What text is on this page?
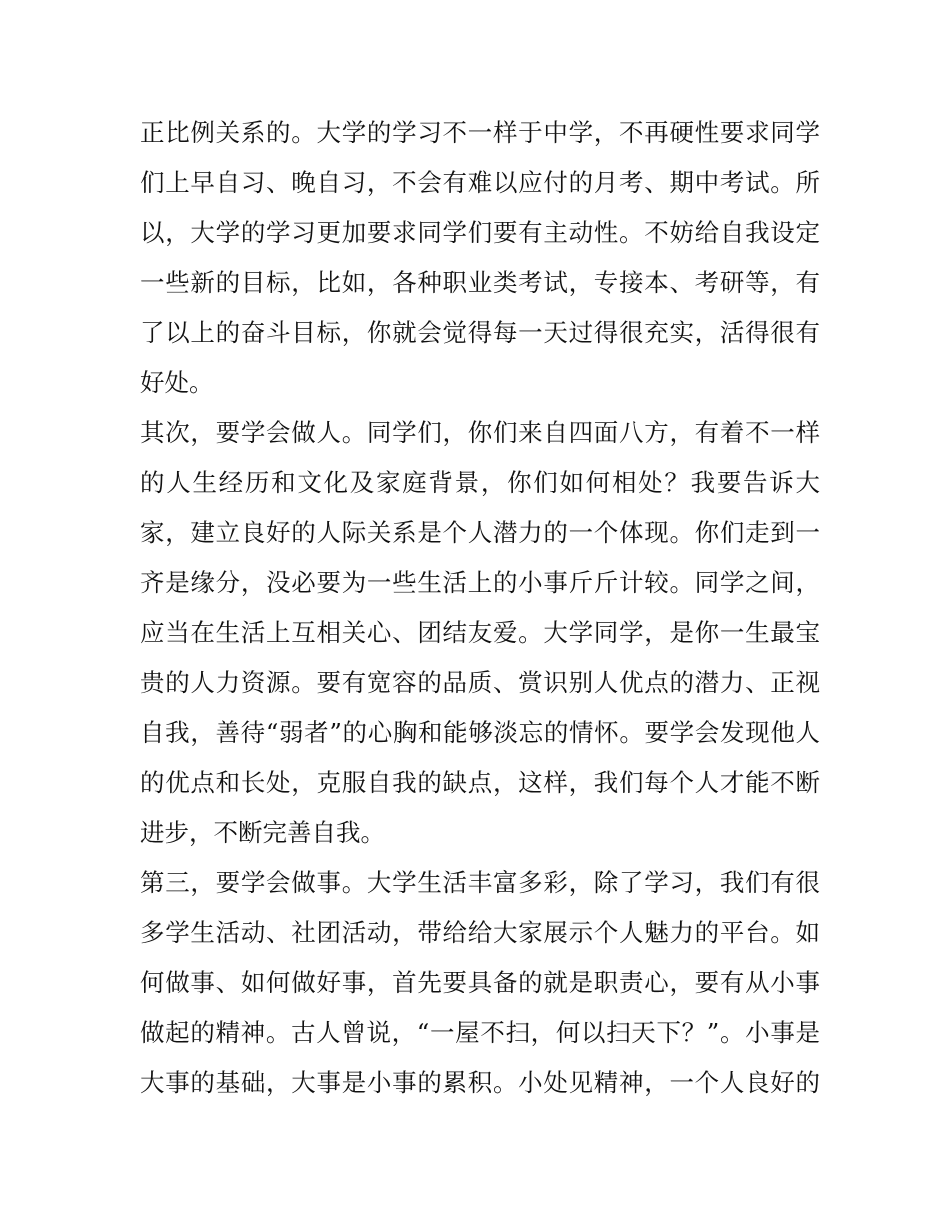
正比例关系的。大学的学习不一样于中学，不再硬性要求同学
们上早自习、晚自习，不会有难以应付的月考、期中考试。所
以，大学的学习更加要求同学们要有主动性。不妨给自我设定
一些新的目标，比如，各种职业类考试，专接本、考研等，有
了以上的奋斗目标，你就会觉得每一天过得很充实，活得很有
好处。
其次，要学会做人。同学们，你们来自四面八方，有着不一样
的人生经历和文化及家庭背景，你们如何相处？我要告诉大
家，建立良好的人际关系是个人潜力的一个体现。你们走到一
齐是缘分，没必要为一些生活上的小事斤斤计较。同学之间，
应当在生活上互相关心、团结友爱。大学同学，是你一生最宝
贵的人力资源。要有宽容的品质、赏识别人优点的潜力、正视
自我，善待“弱者”的心胸和能够淡忘的情怀。要学会发现他人
的优点和长处，克服自我的缺点，这样，我们每个人才能不断
进步，不断完善自我。
第三，要学会做事。大学生活丰富多彩，除了学习，我们有很
多学生活动、社团活动，带给给大家展示个人魅力的平台。如
何做事、如何做好事，首先要具备的就是职责心，要有从小事
做起的精神。古人曾说，“一屋不扫，何以扫天下？”。小事是
大事的基础，大事是小事的累积。小处见精神，一个人良好的
